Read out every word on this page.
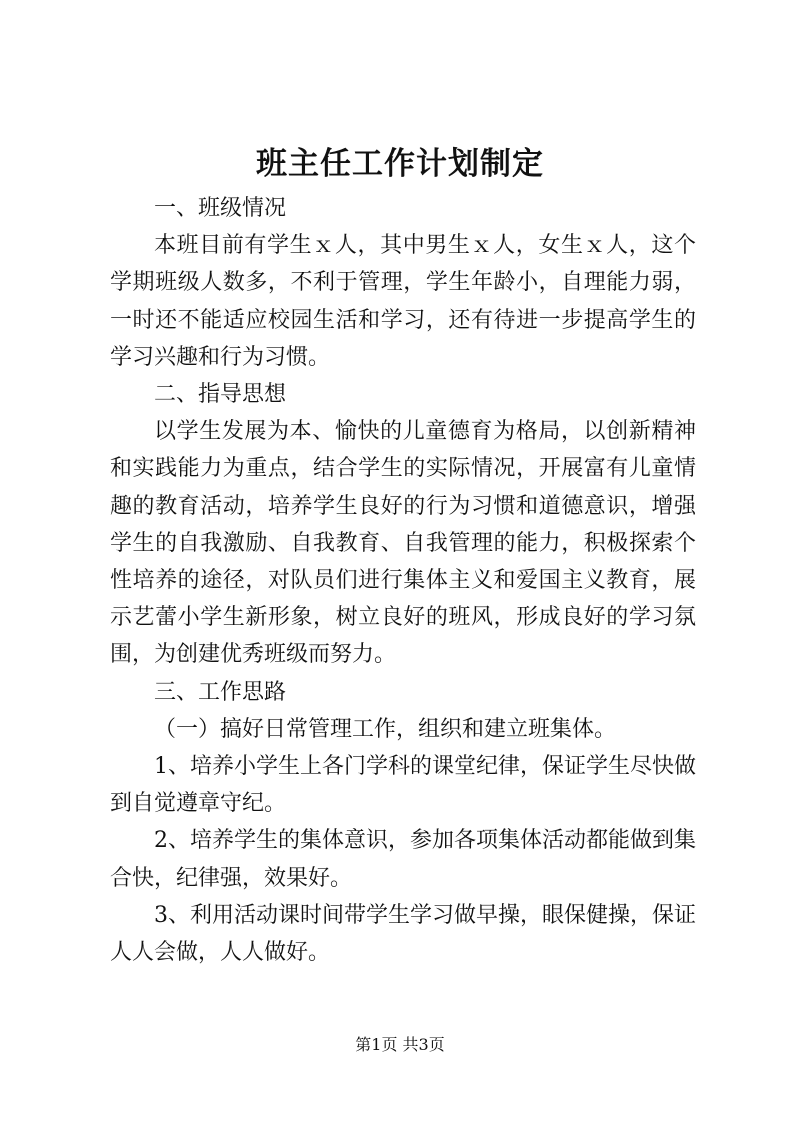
班主任工作计划制定

一、班级情况

本班目前有学生ｘ人，其中男生ｘ人，女生ｘ人，这个学期班级人数多，不利于管理，学生年龄小，自理能力弱，一时还不能适应校园生活和学习，还有待进一步提高学生的学习兴趣和行为习惯。

二、指导思想

以学生发展为本、愉快的儿童德育为格局，以创新精神和实践能力为重点，结合学生的实际情况，开展富有儿童情趣的教育活动，培养学生良好的行为习惯和道德意识，增强学生的自我激励、自我教育、自我管理的能力，积极探索个性培养的途径，对队员们进行集体主义和爱国主义教育，展示艺蕾小学生新形象，树立良好的班风，形成良好的学习氛围，为创建优秀班级而努力。

三、工作思路

（一）搞好日常管理工作，组织和建立班集体。

1、培养小学生上各门学科的课堂纪律，保证学生尽快做到自觉遵章守纪。

2、培养学生的集体意识，参加各项集体活动都能做到集合快，纪律强，效果好。

3、利用活动课时间带学生学习做早操，眼保健操，保证人人会做，人人做好。

第1页 共3页
